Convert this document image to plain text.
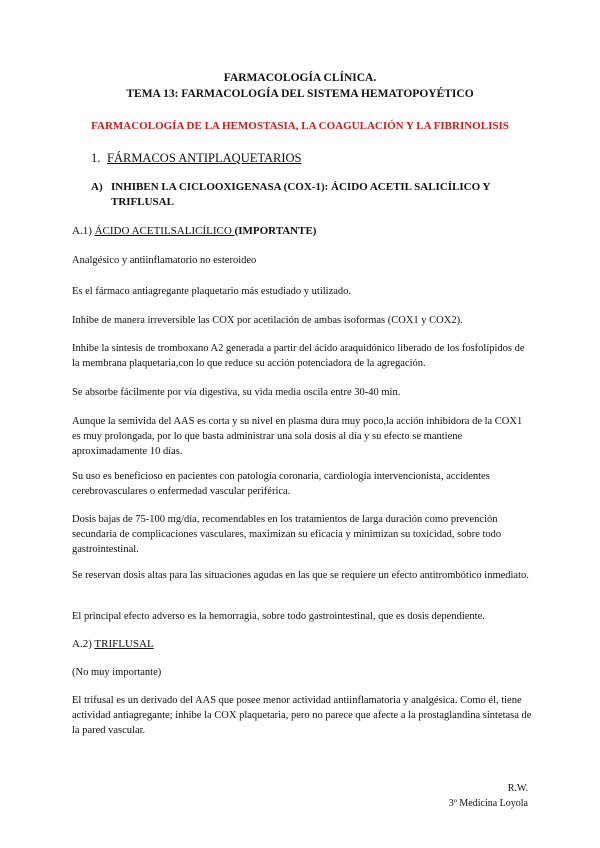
FARMACOLOGÍA CLÍNICA.
TEMA 13: FARMACOLOGÍA DEL SISTEMA HEMATOPOYÉTICO
FARMACOLOGÍA DE LA HEMOSTASIA, LA COAGULACIÓN Y LA FIBRINOLISIS
1. FÁRMACOS ANTIPLAQUETARIOS
A) INHIBEN LA CICLOOXIGENASA (COX-1): ÁCIDO ACETIL SALICÍLICO Y TRIFLUSAL
A.1) ÁCIDO ACETILSALICÍLICO (IMPORTANTE)
Analgésico y antiinflamatorio no esteroideo
Es el fármaco antiagregante plaquetario más estudiado y utilizado.
Inhibe de manera irreversible las COX por acetilación de ambas isoformas (COX1 y COX2).
Inhibe la síntesis de tromboxano A2 generada a partir del ácido araquidónico liberado de los fosfolípidos de la membrana plaquetaria,con lo que reduce su acción potenciadora de la agregación.
Se absorbe fácilmente por vía digestiva, su vida media oscila entre 30-40 min.
Aunque la semivida del AAS es corta y su nivel en plasma dura muy poco,la acción inhibidora de la COX1 es muy prolongada, por lo que basta administrar una sola dosis al día y su efecto se mantiene aproximadamente 10 días.
Su uso es beneficioso en pacientes con patología coronaria, cardiología intervencionista, accidentes cerebrovasculares o enfermedad vascular periférica.
Dosis bajas de 75-100 mg/día, recomendables en los tratamientos de larga duración como prevención secundaria de complicaciones vasculares, maximizan su eficacia y minimizan su toxicidad, sobre todo gastrointestinal.
Se reservan dosis altas para las situaciones agudas en las que se requiere un efecto antitrombótico inmediato.
El principal efecto adverso es la hemorragia, sobre todo gastrointestinal, que es dosis dependiente.
A.2) TRIFLUSAL
(No muy importante)
El trifusal es un derivado del AAS que posee menor actividad antiinflamatoria y analgésica. Como él, tiene actividad antiagregante; inhibe la COX plaquetaria, pero no parece que afecte a la prostaglandina sintetasa de la pared vascular.
R.W.
3º Medicina Loyola
